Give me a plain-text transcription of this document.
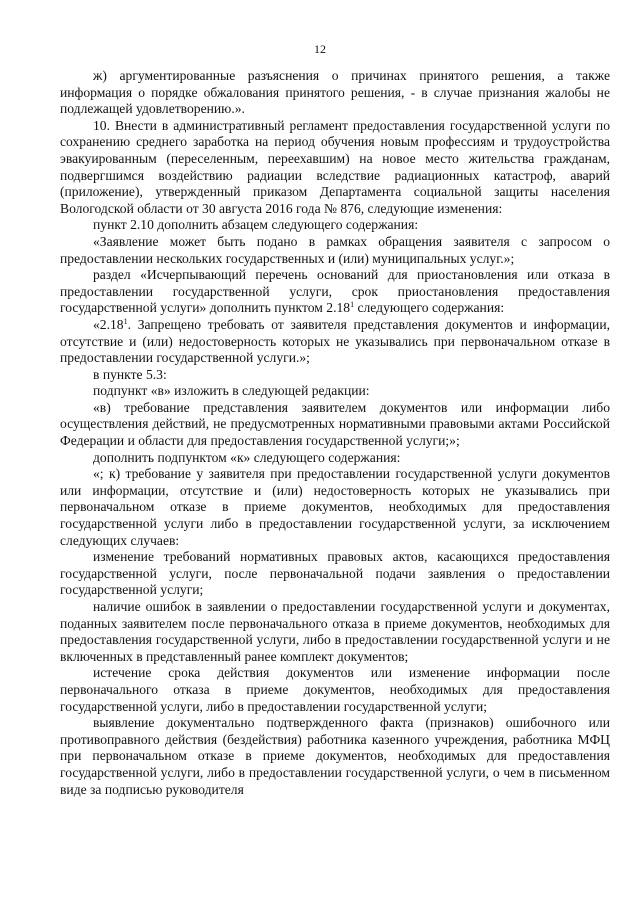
12

ж) аргументированные разъяснения о причинах принятого решения, а также информация о порядке обжалования принятого решения, - в случае признания жалобы не подлежащей удовлетворению.».

10. Внести в административный регламент предоставления государственной услуги по сохранению среднего заработка на период обучения новым профессиям и трудоустройства эвакуированным (переселенным, переехавшим) на новое место жительства гражданам, подвергшимся воздействию радиации вследствие радиационных катастроф, аварий (приложение), утвержденный приказом Департамента социальной защиты населения Вологодской области от 30 августа 2016 года № 876, следующие изменения:

пункт 2.10 дополнить абзацем следующего содержания:

«Заявление может быть подано в рамках обращения заявителя с запросом о предоставлении нескольких государственных и (или) муниципальных услуг.»;

раздел «Исчерпывающий перечень оснований для приостановления или отказа в предоставлении государственной услуги, срок приостановления предоставления государственной услуги» дополнить пунктом 2.18$^1$ следующего содержания:

«2.18$^1$. Запрещено требовать от заявителя представления документов и информации, отсутствие и (или) недостоверность которых не указывались при первоначальном отказе в предоставлении государственной услуги.»;

в пункте 5.3:

подпункт «в» изложить в следующей редакции:

«в) требование представления заявителем документов или информации либо осуществления действий, не предусмотренных нормативными правовыми актами Российской Федерации и области для предоставления государственной услуги;»;

дополнить подпунктом «к» следующего содержания:

«; к) требование у заявителя при предоставлении государственной услуги документов или информации, отсутствие и (или) недостоверность которых не указывались при первоначальном отказе в приеме документов, необходимых для предоставления государственной услуги либо в предоставлении государственной услуги, за исключением следующих случаев:

изменение требований нормативных правовых актов, касающихся предоставления государственной услуги, после первоначальной подачи заявления о предоставлении государственной услуги;

наличие ошибок в заявлении о предоставлении государственной услуги и документах, поданных заявителем после первоначального отказа в приеме документов, необходимых для предоставления государственной услуги, либо в предоставлении государственной услуги и не включенных в представленный ранее комплект документов;

истечение срока действия документов или изменение информации после первоначального отказа в приеме документов, необходимых для предоставления государственной услуги, либо в предоставлении государственной услуги;

выявление документально подтвержденного факта (признаков) ошибочного или противоправного действия (бездействия) работника казенного учреждения, работника МФЦ при первоначальном отказе в приеме документов, необходимых для предоставления государственной услуги, либо в предоставлении государственной услуги, о чем в письменном виде за подписью руководителя
